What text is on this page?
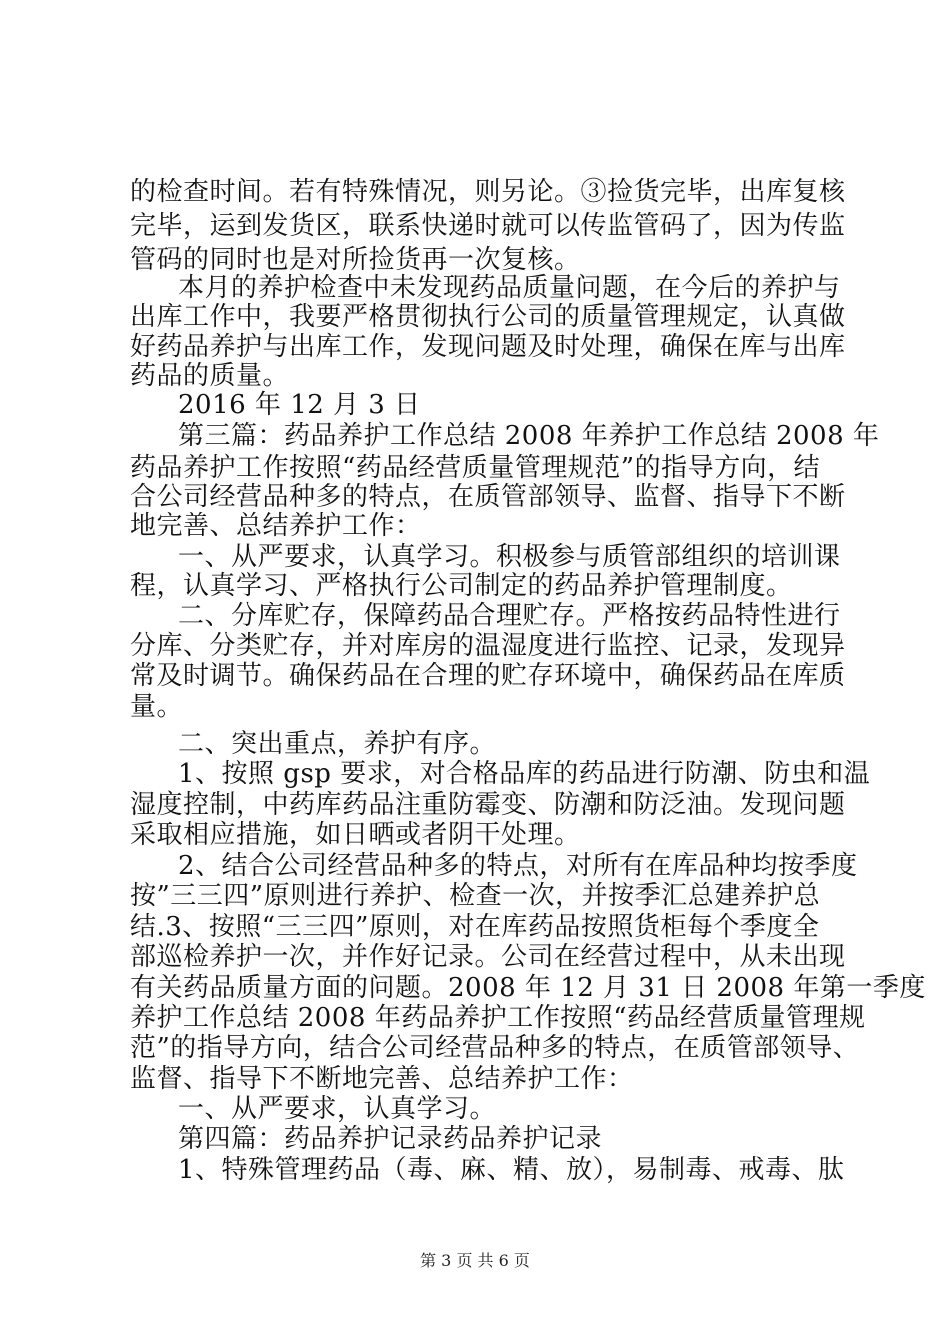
的检查时间。若有特殊情况，则另论。③捡货完毕，出库复核
完毕，运到发货区，联系快递时就可以传监管码了，因为传监
管码的同时也是对所捡货再一次复核。
本月的养护检查中未发现药品质量问题，在今后的养护与
出库工作中，我要严格贯彻执行公司的质量管理规定，认真做
好药品养护与出库工作，发现问题及时处理，确保在库与出库
药品的质量。
2016 年 12 月 3 日
第三篇：药品养护工作总结 2008 年养护工作总结 2008 年
药品养护工作按照“药品经营质量管理规范”的指导方向，结
合公司经营品种多的特点，在质管部领导、监督、指导下不断
地完善、总结养护工作：
一、从严要求，认真学习。积极参与质管部组织的培训课
程，认真学习、严格执行公司制定的药品养护管理制度。
二、分库贮存，保障药品合理贮存。严格按药品特性进行
分库、分类贮存，并对库房的温湿度进行监控、记录，发现异
常及时调节。确保药品在合理的贮存环境中，确保药品在库质
量。
二、突出重点，养护有序。
1、按照 gsp 要求，对合格品库的药品进行防潮、防虫和温
湿度控制，中药库药品注重防霉变、防潮和防泛油。发现问题
采取相应措施，如日晒或者阴干处理。
2、结合公司经营品种多的特点，对所有在库品种均按季度
按”三三四”原则进行养护、检查一次，并按季汇总建养护总
结.3、按照“三三四”原则，对在库药品按照货柜每个季度全
部巡检养护一次，并作好记录。公司在经营过程中，从未出现
有关药品质量方面的问题。2008 年 12 月 31 日 2008 年第一季度
养护工作总结 2008 年药品养护工作按照“药品经营质量管理规
范”的指导方向，结合公司经营品种多的特点，在质管部领导、
监督、指导下不断地完善、总结养护工作：
一、从严要求，认真学习。
第四篇：药品养护记录药品养护记录
1、特殊管理药品（毒、麻、精、放），易制毒、戒毒、肽
第 3 页 共 6 页
